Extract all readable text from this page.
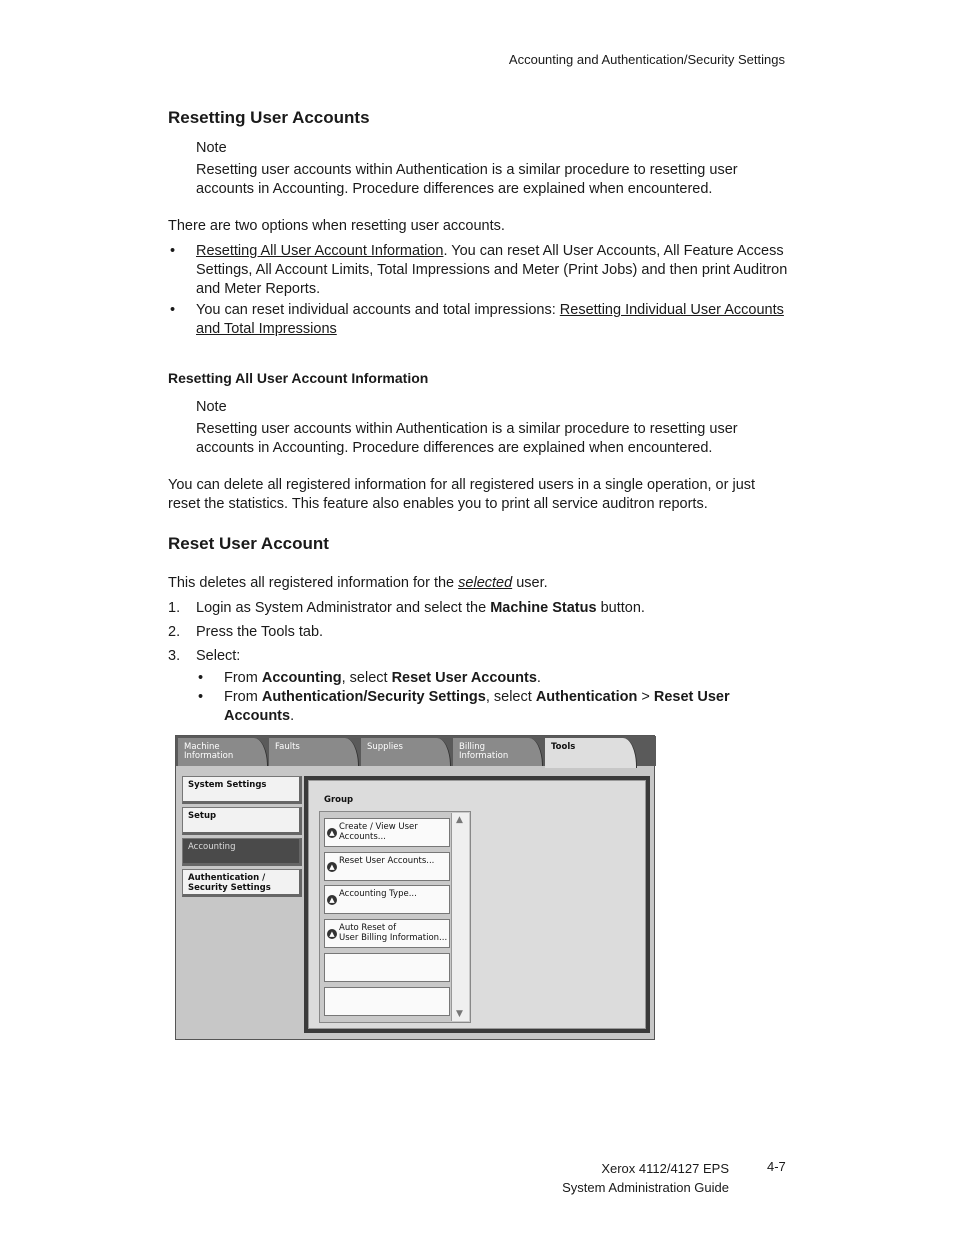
Accounting and Authentication/Security Settings
Resetting User Accounts

Note

Resetting user accounts within Authentication is a similar procedure to resetting user accounts in Accounting. Procedure differences are explained when encountered.

There are two options when resetting user accounts.

• Resetting All User Account Information. You can reset All User Accounts, All Feature Access Settings, All Account Limits, Total Impressions and Meter (Print Jobs) and then print Auditron and Meter Reports.
• You can reset individual accounts and total impressions: Resetting Individual User Accounts and Total Impressions
Resetting All User Account Information

Note

Resetting user accounts within Authentication is a similar procedure to resetting user accounts in Accounting. Procedure differences are explained when encountered.

You can delete all registered information for all registered users in a single operation, or just reset the statistics. This feature also enables you to print all service auditron reports.

Reset User Account

This deletes all registered information for the selected user.

1. Login as System Administrator and select the Machine Status button.
2. Press the Tools tab.
3. Select:
• From Accounting, select Reset User Accounts.
• From Authentication/Security Settings, select Authentication > Reset User Accounts.
Machine
Information
Faults	Supplies	Billing
Information
Tools
System Settings
Setup
Accounting
Authentication /
Security Settings
Group
▲
Create / View User Accounts...
▲
Reset User Accounts...
▲
Accounting Type...
▲
Auto Reset of
User Billing Information...
▲
▼
Xerox 4112/4127 EPS
System Administration Guide
4-7
